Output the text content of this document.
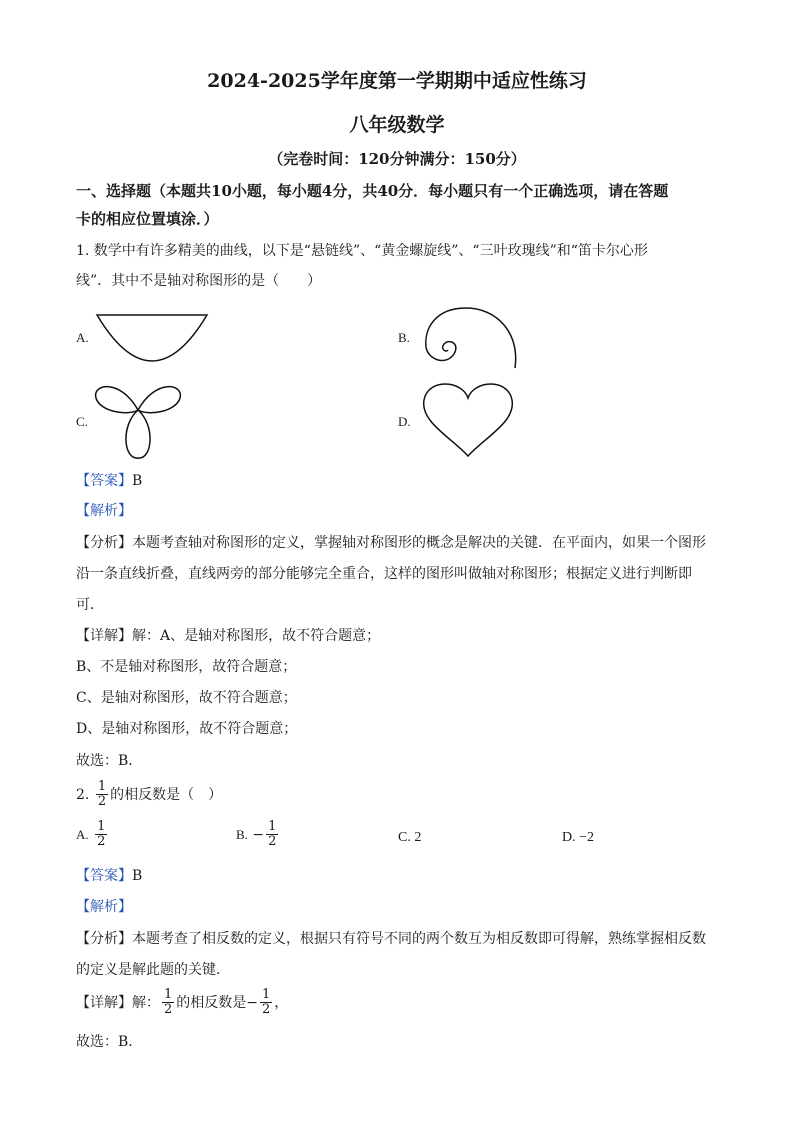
2024-2025学年度第一学期期中适应性练习
八年级数学
（完卷时间：120分钟满分：150分）
一、选择题（本题共10小题，每小题4分，共40分．每小题只有一个正确选项，请在答题
卡的相应位置填涂．）
1. 数学中有许多精美的曲线，以下是“悬链线”、“黄金螺旋线”、“三叶玫瑰线”和“笛卡尔心形
线”．其中不是轴对称图形的是（　　）
A.	B.
C.	D.
【答案】B
【解析】
【分析】本题考查轴对称图形的定义，掌握轴对称图形的概念是解决的关键．在平面内，如果一个图形
沿一条直线折叠，直线两旁的部分能够完全重合，这样的图形叫做轴对称图形；根据定义进行判断即
可．
【详解】解：A、是轴对称图形，故不符合题意；
B、不是轴对称图形，故符合题意；
C、是轴对称图形，故不符合题意；
D、是轴对称图形，故不符合题意；
故选：B．
2. $\frac{1}{2}$ 的相反数是（　）
A. $\frac{1}{2}$	B. − $\frac{1}{2}$	C. 2	D. −2
【答案】B
【解析】
【分析】本题考查了相反数的定义，根据只有符号不同的两个数互为相反数即可得解，熟练掌握相反数
的定义是解此题的关键．
【详解】解： $\frac{1}{2}$ 的相反数是− $\frac{1}{2}$ ，
故选：B．
